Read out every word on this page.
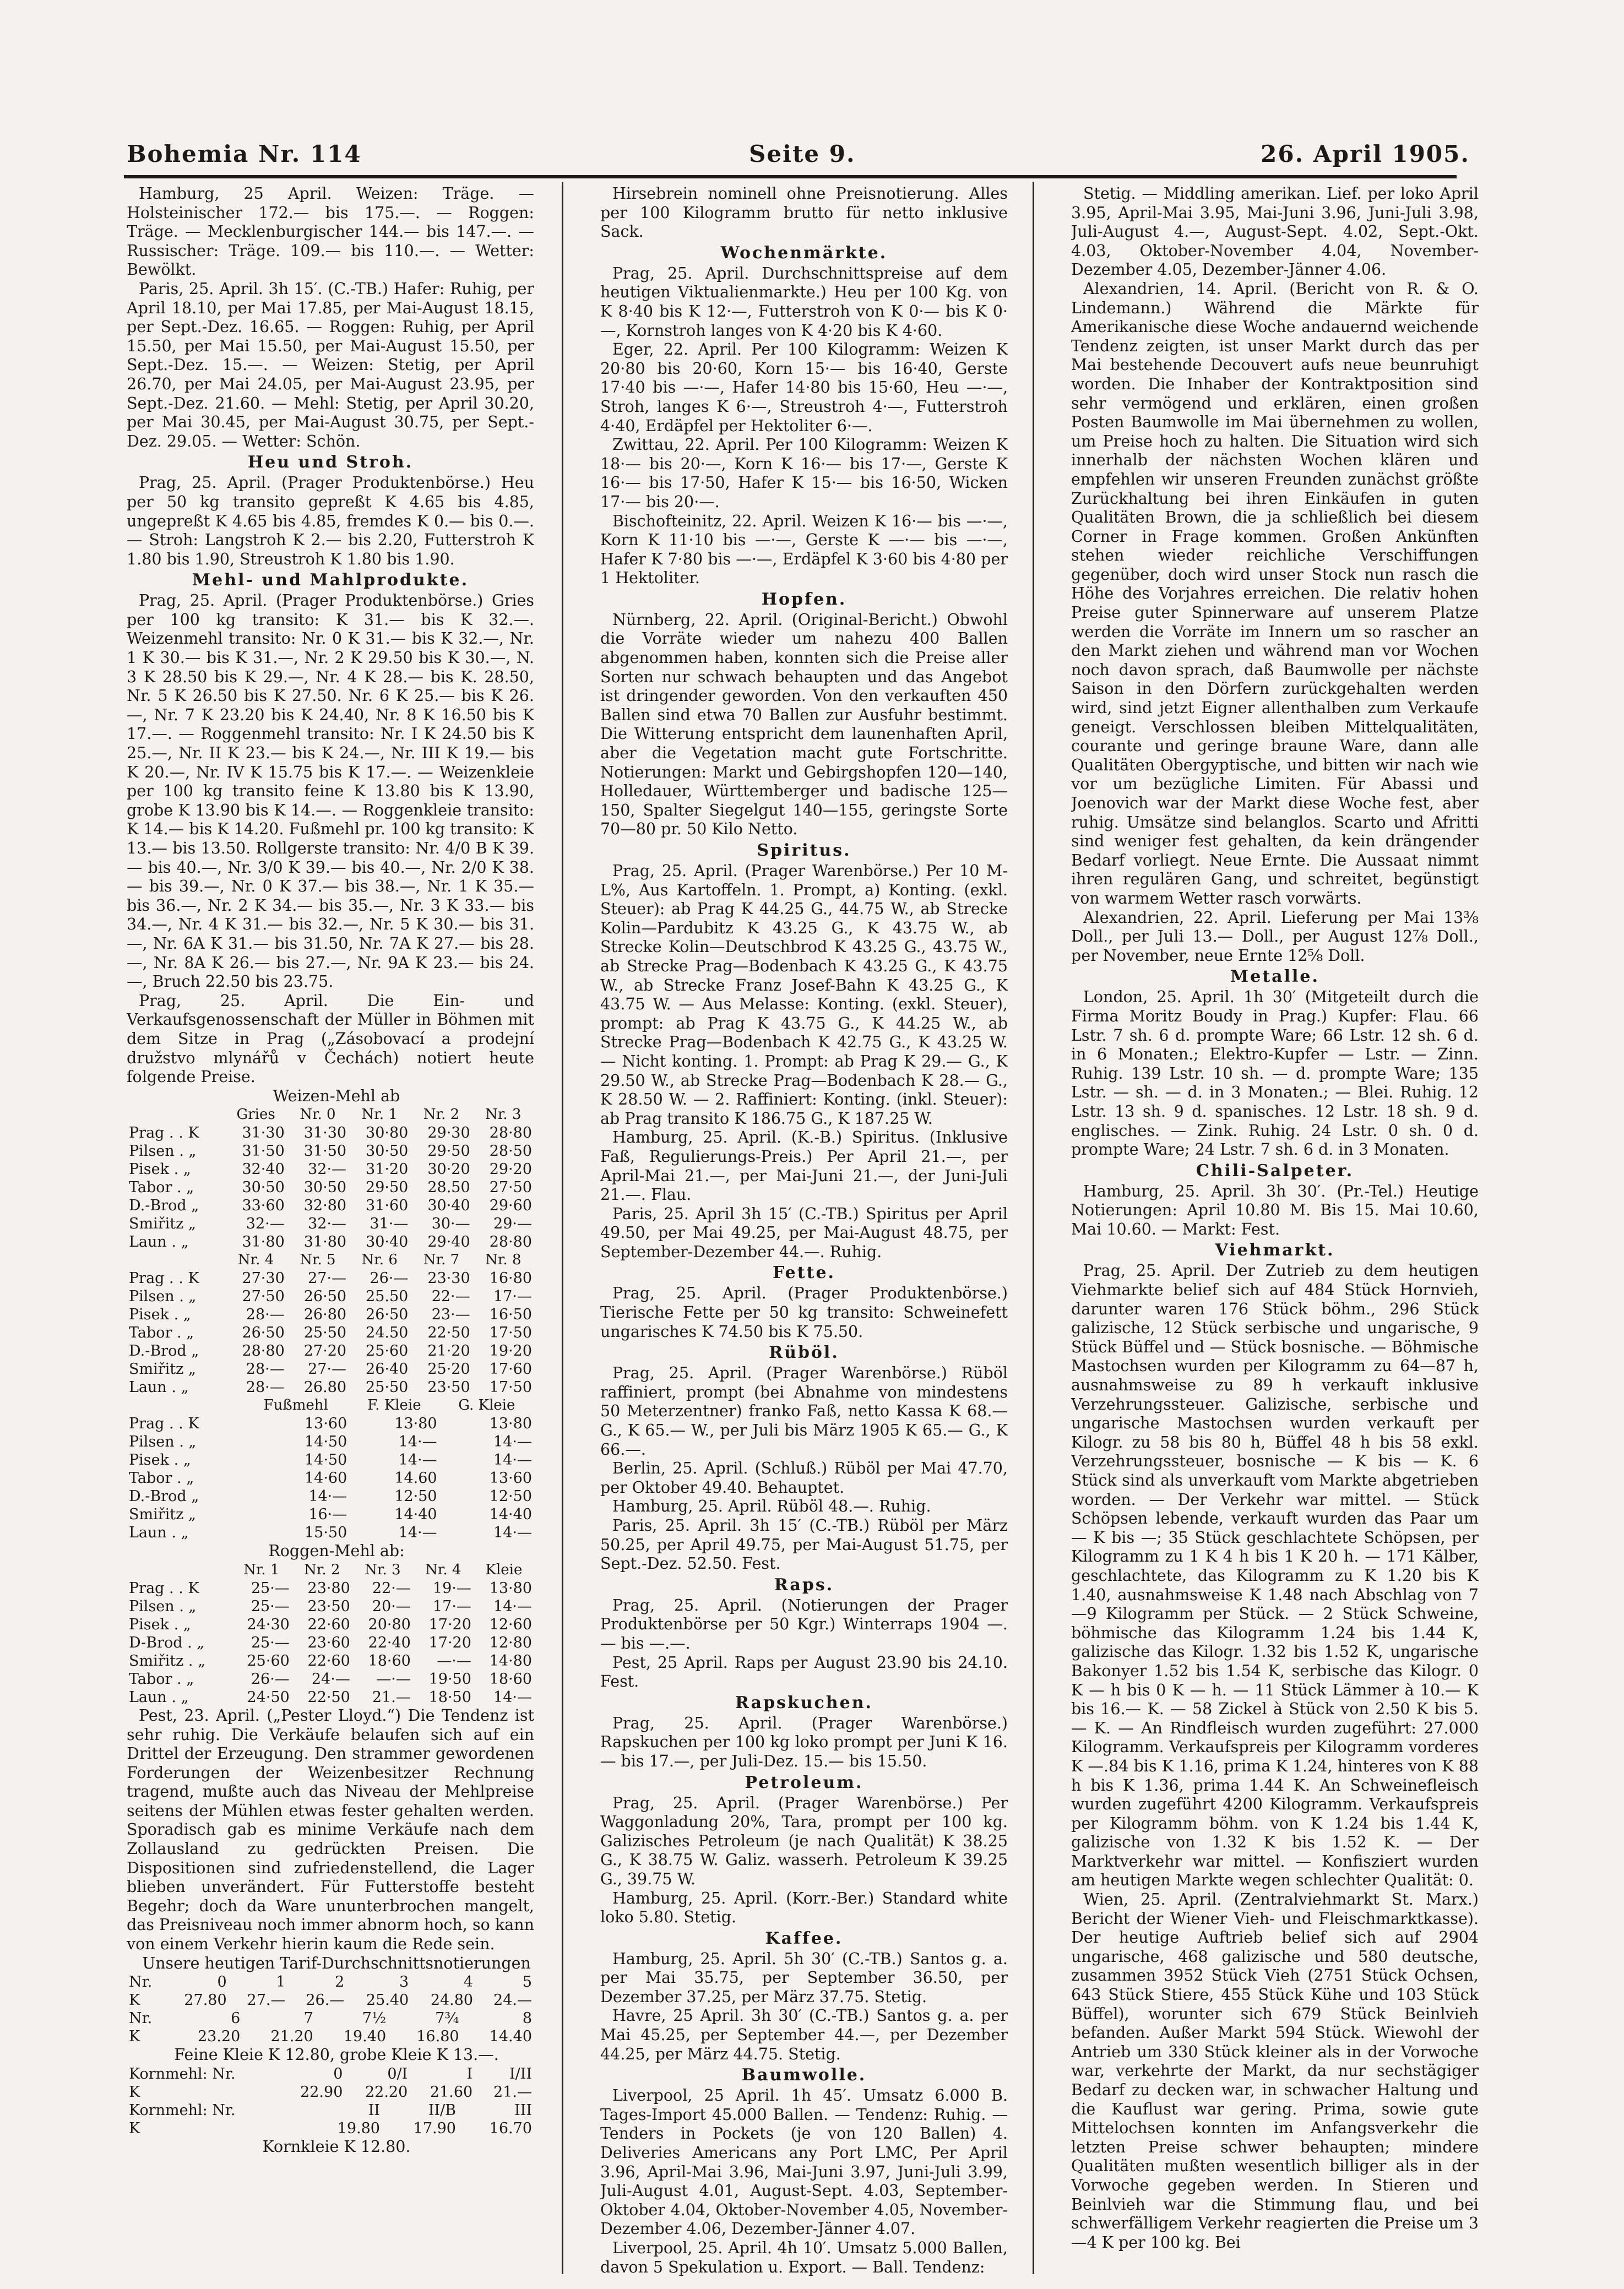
Bohemia Nr. 114	Seite 9.	26. April 1905.

Hamburg, 25 April. Weizen: Träge. — Holsteinischer 172.— bis 175.—. — Roggen: Träge. — Mecklenburgischer 144.— bis 147.—. — Russischer: Träge. 109.— bis 110.—. — Wetter: Bewölkt.

Paris, 25. April. 3h 15′. (C.-TB.) Hafer: Ruhig, per April 18.10, per Mai 17.85, per Mai-August 18.15, per Sept.-Dez. 16.65. — Roggen: Ruhig, per April 15.50, per Mai 15.50, per Mai-August 15.50, per Sept.-Dez. 15.—. — Weizen: Stetig, per April 26.70, per Mai 24.05, per Mai-August 23.95, per Sept.-Dez. 21.60. — Mehl: Stetig, per April 30.20, per Mai 30.45, per Mai-August 30.75, per Sept.-Dez. 29.05. — Wetter: Schön.

Heu und Stroh.

Prag, 25. April. (Prager Produktenbörse.) Heu per 50 kg transito gepreßt K 4.65 bis 4.85, ungepreßt K 4.65 bis 4.85, fremdes K 0.— bis 0.—. — Stroh: Langstroh K 2.— bis 2.20, Futterstroh K 1.80 bis 1.90, Streustroh K 1.80 bis 1.90.

Mehl- und Mahlprodukte.

Prag, 25. April. (Prager Produktenbörse.) Gries per 100 kg transito: K 31.— bis K 32.—. Weizenmehl transito: Nr. 0 K 31.— bis K 32.—, Nr. 1 K 30.— bis K 31.—, Nr. 2 K 29.50 bis K 30.—, N. 3 K 28.50 bis K 29.—, Nr. 4 K 28.— bis K. 28.50, Nr. 5 K 26.50 bis K 27.50. Nr. 6 K 25.— bis K 26.—, Nr. 7 K 23.20 bis K 24.40, Nr. 8 K 16.50 bis K 17.—. — Roggenmehl transito: Nr. I K 24.50 bis K 25.—, Nr. II K 23.— bis K 24.—, Nr. III K 19.— bis K 20.—, Nr. IV K 15.75 bis K 17.—. — Weizenkleie per 100 kg transito feine K 13.80 bis K 13.90, grobe K 13.90 bis K 14.—. — Roggenkleie transito: K 14.— bis K 14.20. Fußmehl pr. 100 kg transito: K 13.— bis 13.50. Rollgerste transito: Nr. 4/0 B K 39.— bis 40.—, Nr. 3/0 K 39.— bis 40.—, Nr. 2/0 K 38.— bis 39.—, Nr. 0 K 37.— bis 38.—, Nr. 1 K 35.— bis 36.—, Nr. 2 K 34.— bis 35.—, Nr. 3 K 33.— bis 34.—, Nr. 4 K 31.— bis 32.—, Nr. 5 K 30.— bis 31.—, Nr. 6A K 31.— bis 31.50, Nr. 7A K 27.— bis 28.—, Nr. 8A K 26.— bis 27.—, Nr. 9A K 23.— bis 24.—, Bruch 22.50 bis 23.75.

Prag, 25. April. Die Ein- und Verkaufsgenossenschaft der Müller in Böhmen mit dem Sitze in Prag („Zásobovací a prodejní družstvo mlynářů v Čechách) notiert heute folgende Preise.

Weizen-Mehl ab

	Gries	Nr. 0	Nr. 1	Nr. 2	Nr. 3
Prag . . K	31·30	31·30	30·80	29·30	28·80
Pilsen . „	31·50	31·50	30·50	29·50	28·50
Pisek . „	32·40	32·—	31·20	30·20	29·20
Tabor . „	30·50	30·50	29·50	28.50	27·50
D.-Brod „	33·60	32·80	31·60	30·40	29·60
Smiřitz „	32·—	32·—	31·—	30·—	29·—
Laun . „	31·80	31·80	30·40	29·40	28·80
	Nr. 4	Nr. 5	Nr. 6	Nr. 7	Nr. 8
Prag . . K	27·30	27·—	26·—	23·30	16·80
Pilsen . „	27·50	26·50	25.50	22·—	17·—
Pisek . „	28·—	26·80	26·50	23·—	16·50
Tabor . „	26·50	25·50	24.50	22·50	17·50
D.-Brod „	28·80	27·20	25·60	21·20	19·20
Smiřitz „	28·—	27·—	26·40	25·20	17·60
Laun . „	28·—	26.80	25·50	23·50	17·50
	Fußmehl	F. Kleie	G. Kleie
Prag . . K	13·60	13·80	13·80
Pilsen . „	14·50	14·—	14·—
Pisek . „	14·50	14·—	14·—
Tabor . „	14·60	14.60	13·60
D.-Brod „	14·—	12·50	12·50
Smiřitz „	16·—	14·40	14·40
Laun . „	15·50	14·—	14·—

Roggen-Mehl ab:

	Nr. 1	Nr. 2	Nr. 3	Nr. 4	Kleie
Prag . . K	25·—	23·80	22·—	19·—	13·80
Pilsen . „	25·—	23·50	20·—	17·—	14·—
Pisek . „	24·30	22·60	20·80	17·20	12·60
D-Brod . „	25·—	23·60	22·40	17·20	12·80
Smiřitz . „	25·60	22·60	18·60	—·—	14·80
Tabor . „	26·—	24·—	—·—	19·50	18·60
Laun . „	24·50	22·50	21.—	18·50	14·—

Pest, 23. April. („Pester Lloyd.“) Die Tendenz ist sehr ruhig. Die Verkäufe belaufen sich auf ein Drittel der Erzeugung. Den strammer gewordenen Forderungen der Weizenbesitzer Rechnung tragend, mußte auch das Niveau der Mehlpreise seitens der Mühlen etwas fester gehalten werden. Sporadisch gab es minime Verkäufe nach dem Zollausland zu gedrückten Preisen. Die Dispositionen sind zufriedenstellend, die Lager blieben unverändert. Für Futterstoffe besteht Begehr; doch da Ware ununterbrochen mangelt, das Preisniveau noch immer abnorm hoch, so kann von einem Verkehr hierin kaum die Rede sein.

Unsere heutigen Tarif-Durchschnittsnotierungen

Nr.	0	1	2	3	4	5
K	27.80	27.—	26.—	25.40	24.80	24.—
Nr.	6	7	7½	7¾	8
K	23.20	21.20	19.40	16.80	14.40

Feine Kleie K 12.80, grobe Kleie K 13.—.

Kornmehl: Nr.	0	0/I	I	I/II
K	22.90	22.20	21.60	21.—
Kornmehl: Nr.	II	II/B	III
K	19.80	17.90	16.70

Kornkleie K 12.80.

Hirsebrein nominell ohne Preisnotierung. Alles per 100 Kilogramm brutto für netto inklusive Sack.

Wochenmärkte.

Prag, 25. April. Durchschnittspreise auf dem heutigen Viktualienmarkte.) Heu per 100 Kg. von K 8·40 bis K 12·—, Futterstroh von K 0·— bis K 0·—, Kornstroh langes von K 4·20 bis K 4·60.

Eger, 22. April. Per 100 Kilogramm: Weizen K 20·80 bis 20·60, Korn 15·— bis 16·40, Gerste 17·40 bis —·—, Hafer 14·80 bis 15·60, Heu —·—, Stroh, langes K 6·—, Streustroh 4·—, Futterstroh 4·40, Erdäpfel per Hektoliter 6·—.

Zwittau, 22. April. Per 100 Kilogramm: Weizen K 18·— bis 20·—, Korn K 16·— bis 17·—, Gerste K 16·— bis 17·50, Hafer K 15·— bis 16·50, Wicken 17·— bis 20·—.

Bischofteinitz, 22. April. Weizen K 16·— bis —·—, Korn K 11·10 bis —·—, Gerste K —·— bis —·—, Hafer K 7·80 bis —·—, Erdäpfel K 3·60 bis 4·80 per 1 Hektoliter.

Hopfen.

Nürnberg, 22. April. (Original-Bericht.) Obwohl die Vorräte wieder um nahezu 400 Ballen abgenommen haben, konnten sich die Preise aller Sorten nur schwach behaupten und das Angebot ist dringender geworden. Von den verkauften 450 Ballen sind etwa 70 Ballen zur Ausfuhr bestimmt. Die Witterung entspricht dem launenhaften April, aber die Vegetation macht gute Fortschritte. Notierungen: Markt und Gebirgshopfen 120—140, Holledauer, Württemberger und badische 125—150, Spalter Siegelgut 140—155, geringste Sorte 70—80 pr. 50 Kilo Netto.

Spiritus.

Prag, 25. April. (Prager Warenbörse.) Per 10 M-L%, Aus Kartoffeln. 1. Prompt, a) Konting. (exkl. Steuer): ab Prag K 44.25 G., 44.75 W., ab Strecke Kolin—Pardubitz K 43.25 G., K 43.75 W., ab Strecke Kolin—Deutschbrod K 43.25 G., 43.75 W., ab Strecke Prag—Bodenbach K 43.25 G., K 43.75 W., ab Strecke Franz Josef-Bahn K 43.25 G., K 43.75 W. — Aus Melasse: Konting. (exkl. Steuer), prompt: ab Prag K 43.75 G., K 44.25 W., ab Strecke Prag—Bodenbach K 42.75 G., K 43.25 W. — Nicht konting. 1. Prompt: ab Prag K 29.— G., K 29.50 W., ab Strecke Prag—Bodenbach K 28.— G., K 28.50 W. — 2. Raffiniert: Konting. (inkl. Steuer): ab Prag transito K 186.75 G., K 187.25 W.

Hamburg, 25. April. (K.-B.) Spiritus. (Inklusive Faß, Regulierungs-Preis.) Per April 21.—, per April-Mai 21.—, per Mai-Juni 21.—, der Juni-Juli 21.—. Flau.

Paris, 25. April 3h 15′ (C.-TB.) Spiritus per April 49.50, per Mai 49.25, per Mai-August 48.75, per September-Dezember 44.—. Ruhig.

Fette.

Prag, 25. April. (Prager Produktenbörse.) Tierische Fette per 50 kg transito: Schweinefett ungarisches K 74.50 bis K 75.50.

Rüböl.

Prag, 25. April. (Prager Warenbörse.) Rüböl raffiniert, prompt (bei Abnahme von mindestens 50 Meterzentner) franko Faß, netto Kassa K 68.— G., K 65.— W., per Juli bis März 1905 K 65.— G., K 66.—.

Berlin, 25. April. (Schluß.) Rüböl per Mai 47.70, per Oktober 49.40. Behauptet.

Hamburg, 25. April. Rüböl 48.—. Ruhig.

Paris, 25. April. 3h 15′ (C.-TB.) Rüböl per März 50.25, per April 49.75, per Mai-August 51.75, per Sept.-Dez. 52.50. Fest.

Raps.

Prag, 25. April. (Notierungen der Prager Produktenbörse per 50 Kgr.) Winterraps 1904 —.— bis —.—.

Pest, 25 April. Raps per August 23.90 bis 24.10. Fest.

Rapskuchen.

Prag, 25. April. (Prager Warenbörse.) Rapskuchen per 100 kg loko prompt per Juni K 16.— bis 17.—, per Juli-Dez. 15.— bis 15.50.

Petroleum.

Prag, 25. April. (Prager Warenbörse.) Per Waggonladung 20%, Tara, prompt per 100 kg. Galizisches Petroleum (je nach Qualität) K 38.25 G., K 38.75 W. Galiz. wasserh. Petroleum K 39.25 G., 39.75 W.

Hamburg, 25. April. (Korr.-Ber.) Standard white loko 5.80. Stetig.

Kaffee.

Hamburg, 25. April. 5h 30′ (C.-TB.) Santos g. a. per Mai 35.75, per September 36.50, per Dezember 37.25, per März 37.75. Stetig.

Havre, 25 April. 3h 30′ (C.-TB.) Santos g. a. per Mai 45.25, per September 44.—, per Dezember 44.25, per März 44.75. Stetig.

Baumwolle.

Liverpool, 25 April. 1h 45′. Umsatz 6.000 B. Tages-Import 45.000 Ballen. — Tendenz: Ruhig. — Tenders in Pockets (je von 120 Ballen) 4. Deliveries Americans any Port LMC, Per April 3.96, April-Mai 3.96, Mai-Juni 3.97, Juni-Juli 3.99, Juli-August 4.01, August-Sept. 4.03, September-Oktober 4.04, Oktober-November 4.05, November-Dezember 4.06, Dezember-Jänner 4.07.

Liverpool, 25. April. 4h 10′. Umsatz 5.000 Ballen, davon 5 Spekulation u. Export. — Ball. Tendenz:

Stetig. — Middling amerikan. Lief. per loko April 3.95, April-Mai 3.95, Mai-Juni 3.96, Juni-Juli 3.98, Juli-August 4.—, August-Sept. 4.02, Sept.-Okt. 4.03, Oktober-November 4.04, November-Dezember 4.05, Dezember-Jänner 4.06.

Alexandrien, 14. April. (Bericht von R. & O. Lindemann.) Während die Märkte für Amerikanische diese Woche andauernd weichende Tendenz zeigten, ist unser Markt durch das per Mai bestehende Decouvert aufs neue beunruhigt worden. Die Inhaber der Kontraktposition sind sehr vermögend und erklären, einen großen Posten Baumwolle im Mai übernehmen zu wollen, um Preise hoch zu halten. Die Situation wird sich innerhalb der nächsten Wochen klären und empfehlen wir unseren Freunden zunächst größte Zurückhaltung bei ihren Einkäufen in guten Qualitäten Brown, die ja schließlich bei diesem Corner in Frage kommen. Großen Ankünften stehen wieder reichliche Verschiffungen gegenüber, doch wird unser Stock nun rasch die Höhe des Vorjahres erreichen. Die relativ hohen Preise guter Spinnerware auf unserem Platze werden die Vorräte im Innern um so rascher an den Markt ziehen und während man vor Wochen noch davon sprach, daß Baumwolle per nächste Saison in den Dörfern zurückgehalten werden wird, sind jetzt Eigner allenthalben zum Verkaufe geneigt. Verschlossen bleiben Mittelqualitäten, courante und geringe braune Ware, dann alle Qualitäten Obergyptische, und bitten wir nach wie vor um bezügliche Limiten. Für Abassi und Joenovich war der Markt diese Woche fest, aber ruhig. Umsätze sind belanglos. Scarto und Afritti sind weniger fest gehalten, da kein drängender Bedarf vorliegt. Neue Ernte. Die Aussaat nimmt ihren regulären Gang, und schreitet, begünstigt von warmem Wetter rasch vorwärts.

Alexandrien, 22. April. Lieferung per Mai 13⅜ Doll., per Juli 13.— Doll., per August 12⅞ Doll., per November, neue Ernte 12⅝ Doll.

Metalle.

London, 25. April. 1h 30′ (Mitgeteilt durch die Firma Moritz Boudy in Prag.) Kupfer: Flau. 66 Lstr. 7 sh. 6 d. prompte Ware; 66 Lstr. 12 sh. 6 d. in 6 Monaten.; Elektro-Kupfer — Lstr. — Zinn. Ruhig. 139 Lstr. 10 sh. — d. prompte Ware; 135 Lstr. — sh. — d. in 3 Monaten.; — Blei. Ruhig. 12 Lstr. 13 sh. 9 d. spanisches. 12 Lstr. 18 sh. 9 d. englisches. — Zink. Ruhig. 24 Lstr. 0 sh. 0 d. prompte Ware; 24 Lstr. 7 sh. 6 d. in 3 Monaten.

Chili-Salpeter.

Hamburg, 25. April. 3h 30′. (Pr.-Tel.) Heutige Notierungen: April 10.80 M. Bis 15. Mai 10.60, Mai 10.60. — Markt: Fest.

Viehmarkt.

Prag, 25. April. Der Zutrieb zu dem heutigen Viehmarkte belief sich auf 484 Stück Hornvieh, darunter waren 176 Stück böhm., 296 Stück galizische, 12 Stück serbische und ungarische, 9 Stück Büffel und — Stück bosnische. — Böhmische Mastochsen wurden per Kilogramm zu 64—87 h, ausnahmsweise zu 89 h verkauft inklusive Verzehrungssteuer. Galizische, serbische und ungarische Mastochsen wurden verkauft per Kilogr. zu 58 bis 80 h, Büffel 48 h bis 58 exkl. Verzehrungssteuer, bosnische — K bis — K. 6 Stück sind als unverkauft vom Markte abgetrieben worden. — Der Verkehr war mittel. — Stück Schöpsen lebende, verkauft wurden das Paar um — K bis —; 35 Stück geschlachtete Schöpsen, per Kilogramm zu 1 K 4 h bis 1 K 20 h. — 171 Kälber, geschlachtete, das Kilogramm zu K 1.20 bis K 1.40, ausnahmsweise K 1.48 nach Abschlag von 7—9 Kilogramm per Stück. — 2 Stück Schweine, böhmische das Kilogramm 1.24 bis 1.44 K, galizische das Kilogr. 1.32 bis 1.52 K, ungarische Bakonyer 1.52 bis 1.54 K, serbische das Kilogr. 0 K — h bis 0 K — h. — 11 Stück Lämmer à 10.— K bis 16.— K. — 58 Zickel à Stück von 2.50 K bis 5.— K. — An Rindfleisch wurden zugeführt: 27.000 Kilogramm. Verkaufspreis per Kilogramm vorderes K —.84 bis K 1.16, prima K 1.24, hinteres von K 88 h bis K 1.36, prima 1.44 K. An Schweinefleisch wurden zugeführt 4200 Kilogramm. Verkaufspreis per Kilogramm böhm. von K 1.24 bis 1.44 K, galizische von 1.32 K bis 1.52 K. — Der Marktverkehr war mittel. — Konfisziert wurden am heutigen Markte wegen schlechter Qualität: 0.

Wien, 25. April. (Zentralviehmarkt St. Marx.) Bericht der Wiener Vieh- und Fleischmarktkasse). Der heutige Auftrieb belief sich auf 2904 ungarische, 468 galizische und 580 deutsche, zusammen 3952 Stück Vieh (2751 Stück Ochsen, 643 Stück Stiere, 455 Stück Kühe und 103 Stück Büffel), worunter sich 679 Stück Beinlvieh befanden. Außer Markt 594 Stück. Wiewohl der Antrieb um 330 Stück kleiner als in der Vorwoche war, verkehrte der Markt, da nur sechstägiger Bedarf zu decken war, in schwacher Haltung und die Kauflust war gering. Prima, sowie gute Mittelochsen konnten im Anfangsverkehr die letzten Preise schwer behaupten; mindere Qualitäten mußten wesentlich billiger als in der Vorwoche gegeben werden. In Stieren und Beinlvieh war die Stimmung flau, und bei schwerfälligem Verkehr reagierten die Preise um 3—4 K per 100 kg. Bei
